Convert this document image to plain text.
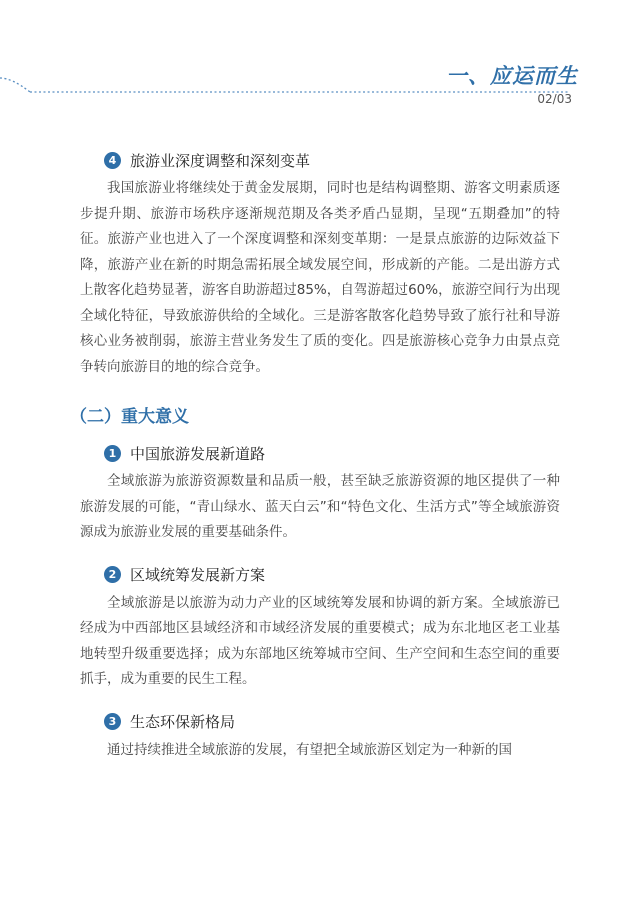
一、应运而生
02/03
4 旅游业深度调整和深刻变革

我国旅游业将继续处于黄金发展期，同时也是结构调整期、游客文明素质逐步提升期、旅游市场秩序逐渐规范期及各类矛盾凸显期，呈现“五期叠加”的特征。旅游产业也进入了一个深度调整和深刻变革期：一是景点旅游的边际效益下降，旅游产业在新的时期急需拓展全域发展空间，形成新的产能。二是出游方式上散客化趋势显著，游客自助游超过85%，自驾游超过60%，旅游空间行为出现全域化特征，导致旅游供给的全域化。三是游客散客化趋势导致了旅行社和导游核心业务被削弱，旅游主营业务发生了质的变化。四是旅游核心竞争力由景点竞争转向旅游目的地的综合竞争。

（二）重大意义
1 中国旅游发展新道路

全域旅游为旅游资源数量和品质一般，甚至缺乏旅游资源的地区提供了一种旅游发展的可能，“青山绿水、蓝天白云”和“特色文化、生活方式”等全域旅游资源成为旅游业发展的重要基础条件。

2 区域统筹发展新方案

全域旅游是以旅游为动力产业的区域统筹发展和协调的新方案。全域旅游已经成为中西部地区县域经济和市域经济发展的重要模式；成为东北地区老工业基地转型升级重要选择；成为东部地区统筹城市空间、生产空间和生态空间的重要抓手，成为重要的民生工程。

3 生态环保新格局

通过持续推进全域旅游的发展，有望把全域旅游区划定为一种新的国
